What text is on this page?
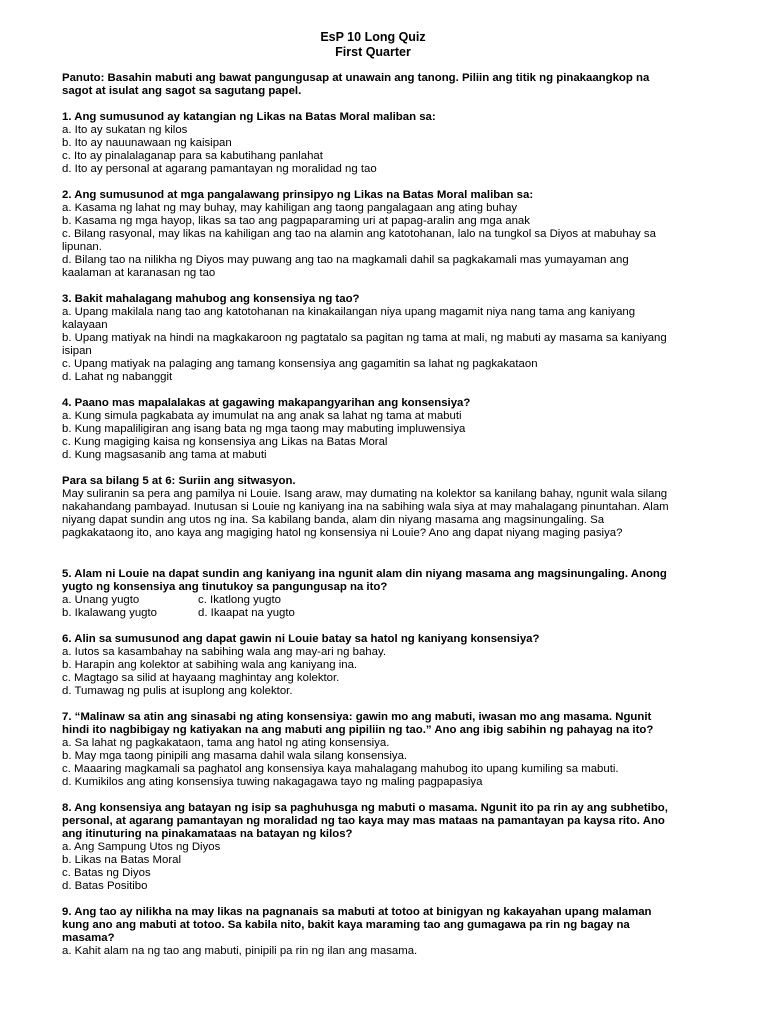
EsP 10 Long Quiz
First Quarter
Panuto: Basahin mabuti ang bawat pangungusap at unawain ang tanong. Piliin ang titik ng pinakaangkop na sagot at isulat ang sagot sa sagutang papel.
1. Ang sumusunod ay katangian ng Likas na Batas Moral maliban sa:
a. Ito ay sukatan ng kilos
b. Ito ay nauunawaan ng kaisipan
c. Ito ay pinalalaganap para sa kabutihang panlahat
d. Ito ay personal at agarang pamantayan ng moralidad ng tao
2. Ang sumusunod at mga pangalawang prinsipyo ng Likas na Batas Moral maliban sa:
a. Kasama ng lahat ng may buhay, may kahiligan ang taong pangalagaan ang ating buhay
b. Kasama ng mga hayop, likas sa tao ang pagpaparaming uri at papag-aralin ang mga anak
c. Bilang rasyonal, may likas na kahiligan ang tao na alamin ang katotohanan, lalo na tungkol sa Diyos at mabuhay sa lipunan.
d. Bilang tao na nilikha ng Diyos may puwang ang tao na magkamali dahil sa pagkakamali mas yumayaman ang kaalaman at karanasan ng tao
3. Bakit mahalagang mahubog ang konsensiya ng tao?
a. Upang makilala nang tao ang katotohanan na kinakailangan niya upang magamit niya nang tama ang kaniyang kalayaan
b. Upang matiyak na hindi na magkakaroon ng pagtatalo sa pagitan ng tama at mali, ng mabuti ay masama sa kaniyang isipan
c. Upang matiyak na palaging ang tamang konsensiya ang gagamitin sa lahat ng pagkakataon
d. Lahat ng nabanggit
4. Paano mas mapalalakas at gagawing makapangyarihan ang konsensiya?
a. Kung simula pagkabata ay imumulat na ang anak sa lahat ng tama at mabuti
b. Kung mapaliligiran ang isang bata ng mga taong may mabuting impluwensiya
c. Kung magiging kaisa ng konsensiya ang Likas na Batas Moral
d. Kung magsasanib ang tama at mabuti
Para sa bilang 5 at 6: Suriin ang sitwasyon.
May suliranin sa pera ang pamilya ni Louie. Isang araw, may dumating na kolektor sa kanilang bahay, ngunit wala silang nakahandang pambayad. Inutusan si Louie ng kaniyang ina na sabihing wala siya at may mahalagang pinuntahan. Alam niyang dapat sundin ang utos ng ina. Sa kabilang banda, alam din niyang masama ang magsinungaling. Sa pagkakataong ito, ano kaya ang magiging hatol ng konsensiya ni Louie? Ano ang dapat niyang maging pasiya?
5. Alam ni Louie na dapat sundin ang kaniyang ina ngunit alam din niyang masama ang magsinungaling. Anong yugto ng konsensiya ang tinutukoy sa pangungusap na ito?
a. Unang yugto	c. Ikatlong yugto
b. Ikalawang yugto	d. Ikaapat na yugto
6. Alin sa sumusunod ang dapat gawin ni Louie batay sa hatol ng kaniyang konsensiya?
a. Iutos sa kasambahay na sabihing wala ang may-ari ng bahay.
b. Harapin ang kolektor at sabihing wala ang kaniyang ina.
c. Magtago sa silid at hayaang maghintay ang kolektor.
d. Tumawag ng pulis at isuplong ang kolektor.
7. “Malinaw sa atin ang sinasabi ng ating konsensiya: gawin mo ang mabuti, iwasan mo ang masama. Ngunit hindi ito nagbibigay ng katiyakan na ang mabuti ang pipiliin ng tao.” Ano ang ibig sabihin ng pahayag na ito?
a. Sa lahat ng pagkakataon, tama ang hatol ng ating konsensiya.
b. May mga taong pinipili ang masama dahil wala silang konsensiya.
c. Maaaring magkamali sa paghatol ang konsensiya kaya mahalagang mahubog ito upang kumiling sa mabuti.
d. Kumikilos ang ating konsensiya tuwing nakagagawa tayo ng maling pagpapasiya
8. Ang konsensiya ang batayan ng isip sa paghuhusga ng mabuti o masama. Ngunit ito pa rin ay ang subhetibo, personal, at agarang pamantayan ng moralidad ng tao kaya may mas mataas na pamantayan pa kaysa rito. Ano ang itinuturing na pinakamataas na batayan ng kilos?
a. Ang Sampung Utos ng Diyos
b. Likas na Batas Moral
c. Batas ng Diyos
d. Batas Positibo
9. Ang tao ay nilikha na may likas na pagnanais sa mabuti at totoo at binigyan ng kakayahan upang malaman kung ano ang mabuti at totoo. Sa kabila nito, bakit kaya maraming tao ang gumagawa pa rin ng bagay na masama?
a. Kahit alam na ng tao ang mabuti, pinipili pa rin ng ilan ang masama.
